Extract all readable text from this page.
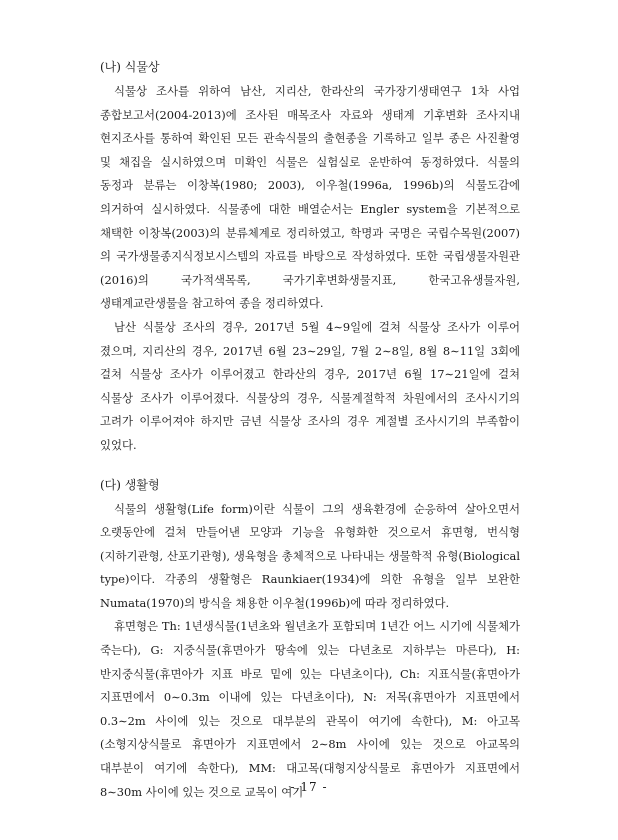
(나) 식물상

식물상 조사를 위하여 남산, 지리산, 한라산의 국가장기생태연구 1차 사업 종합보고서(2004-2013)에 조사된 매목조사 자료와 생태계 기후변화 조사지내 현지조사를 통하여 확인된 모든 관속식물의 출현종을 기록하고 일부 종은 사진촬영 및 채집을 실시하였으며 미확인 식물은 실험실로 운반하여 동정하였다. 식물의 동정과 분류는 이창복(1980; 2003), 이우철(1996a, 1996b)의 식물도감에 의거하여 실시하였다. 식물종에 대한 배열순서는 Engler system을 기본적으로 채택한 이창복(2003)의 분류체계로 정리하였고, 학명과 국명은 국립수목원(2007)의 국가생물종지식정보시스템의 자료를 바탕으로 작성하였다. 또한 국립생물자원관(2016)의 국가적색목록, 국가기후변화생물지표, 한국고유생물자원, 생태계교란생물을 참고하여 종을 정리하였다.

남산 식물상 조사의 경우, 2017년 5월 4∼9일에 걸쳐 식물상 조사가 이루어 졌으며, 지리산의 경우, 2017년 6월 23∼29일, 7월 2∼8일, 8월 8∼11일 3회에 걸쳐 식물상 조사가 이루어졌고 한라산의 경우, 2017년 6월 17∼21일에 걸쳐 식물상 조사가 이루어졌다. 식물상의 경우, 식물계절학적 차원에서의 조사시기의 고려가 이루어져야 하지만 금년 식물상 조사의 경우 계절별 조사시기의 부족함이 있었다.

(다) 생활형

식물의 생활형(Life form)이란 식물이 그의 생육환경에 순응하여 살아오면서 오랫동안에 걸쳐 만들어낸 모양과 기능을 유형화한 것으로서 휴면형, 번식형(지하기관형, 산포기관형), 생육형을 총체적으로 나타내는 생물학적 유형(Biological type)이다. 각종의 생활형은 Raunkiaer(1934)에 의한 유형을 일부 보완한 Numata(1970)의 방식을 채용한 이우철(1996b)에 따라 정리하였다.

휴면형은 Th: 1년생식물(1년초와 월년초가 포함되며 1년간 어느 시기에 식물체가 죽는다), G: 지중식물(휴면아가 땅속에 있는 다년초로 지하부는 마른다), H: 반지중식물(휴면아가 지표 바로 밑에 있는 다년초이다), Ch: 지표식물(휴면아가 지표면에서 0∼0.3m 이내에 있는 다년초이다), N: 저목(휴면아가 지표면에서 0.3∼2m 사이에 있는 것으로 대부분의 관목이 여기에 속한다), M: 아고목(소형지상식물로 휴면아가 지표면에서 2∼8m 사이에 있는 것으로 아교목의 대부분이 여기에 속한다), MM: 대고목(대형지상식물로 휴면아가 지표면에서 8∼30m 사이에 있는 것으로 교목이 여기

- 17 -
